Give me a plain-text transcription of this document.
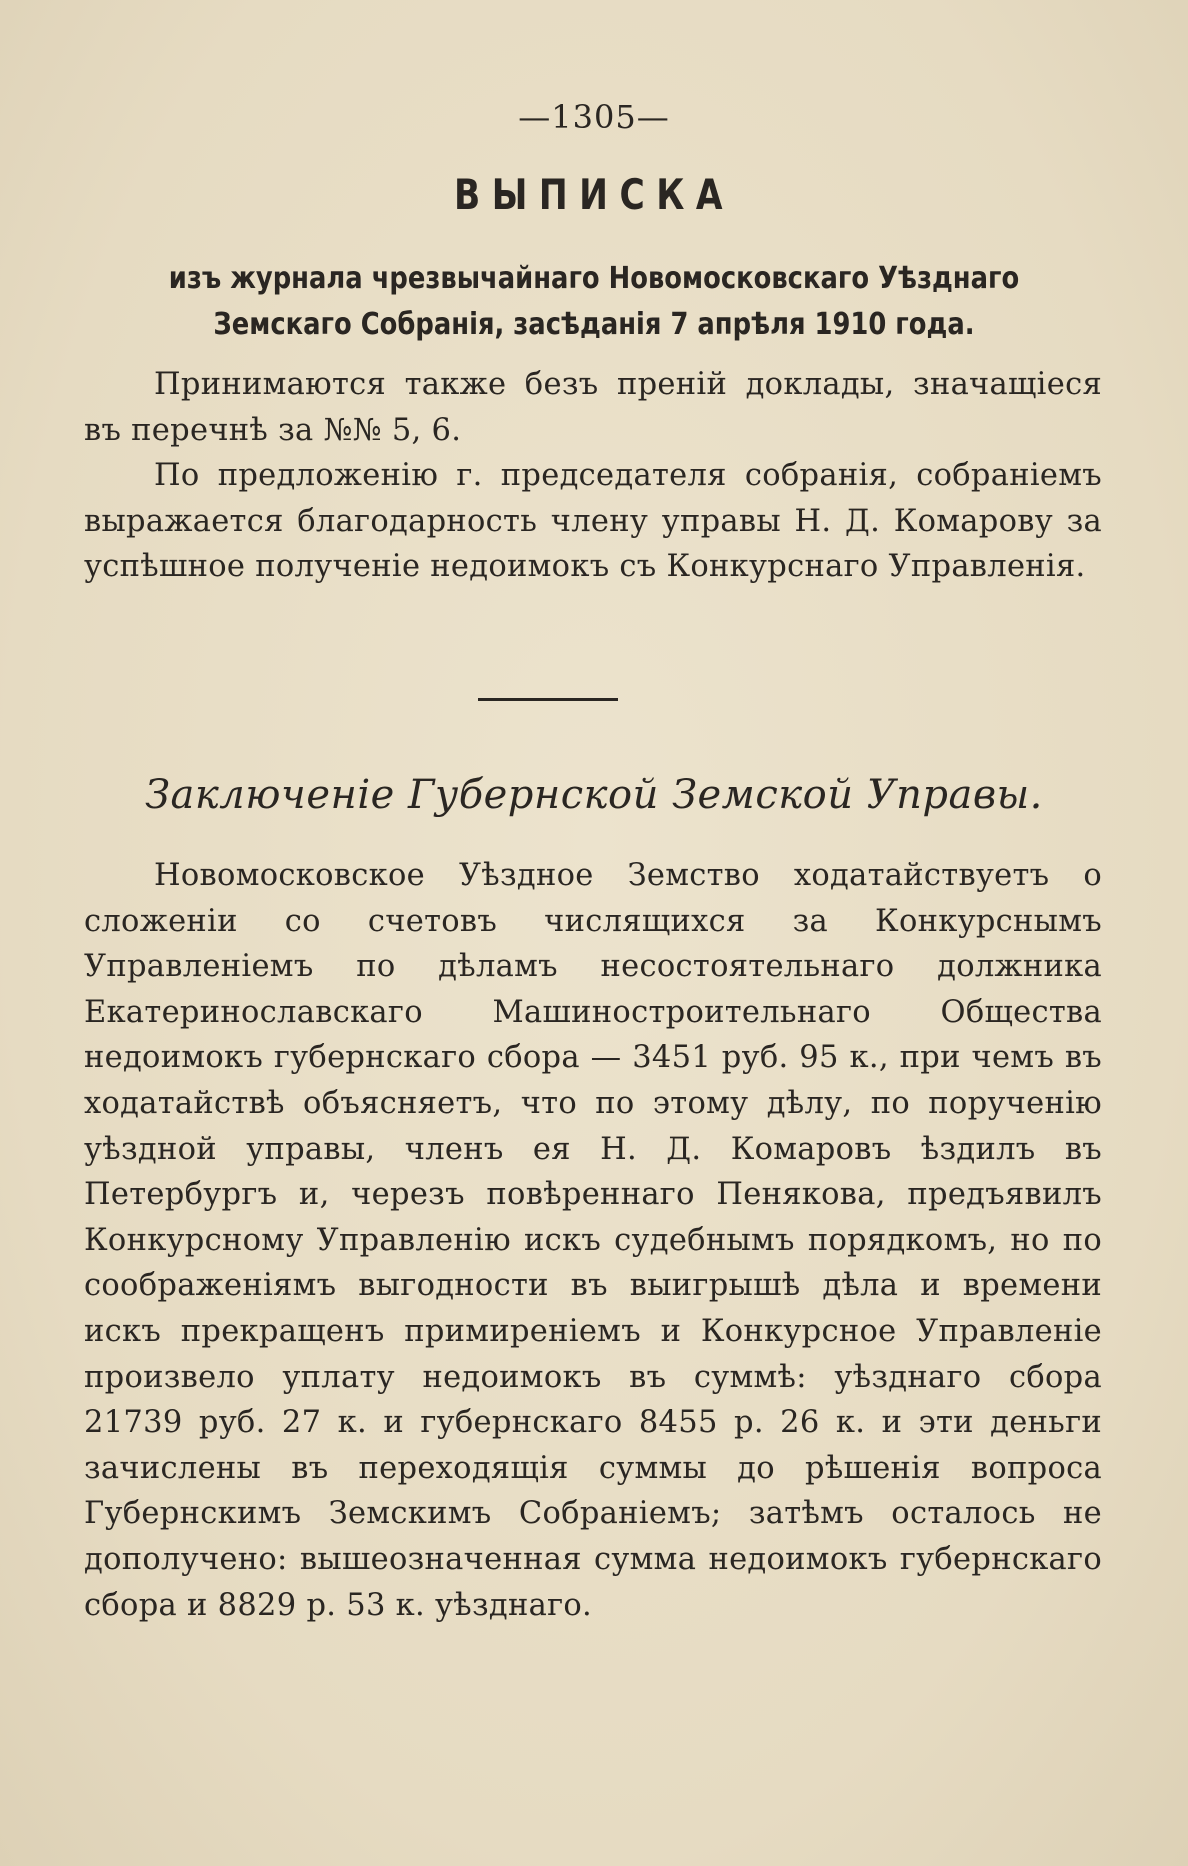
—1305—
ВЫПИСКА
изъ журнала чрезвычайнаго Новомосковскаго Уѣзднаго Земскаго Собранія, засѣданія 7 апрѣля 1910 года.

Принимаются также безъ преній доклады, значащіеся въ перечнѣ за №№ 5, 6.

По предложенію г. председателя собранія, собраніемъ выражается благодарность члену управы Н. Д. Комарову за успѣшное полученіе недоимокъ съ Конкурснаго Управленія.

Заключеніе Губернской Земской Управы.

Новомосковское Уѣздное Земство ходатайствуетъ о сложеніи со счетовъ числящихся за Конкурснымъ Управленіемъ по дѣламъ несостоятельнаго должника Екатеринославскаго Машиностроительнаго Общества недоимокъ губернскаго сбора — 3451 руб. 95 к., при чемъ въ ходатайствѣ объясняетъ, что по этому дѣлу, по порученію уѣздной управы, членъ ея Н. Д. Комаровъ ѣздилъ въ Петербургъ и, черезъ повѣреннаго Пенякова, предъявилъ Конкурсному Управленію искъ судебнымъ порядкомъ, но по соображеніямъ выгодности въ выигрышѣ дѣла и времени искъ прекращенъ примиреніемъ и Конкурсное Управленіе произвело уплату недоимокъ въ суммѣ: уѣзднаго сбора 21739 руб. 27 к. и губернскаго 8455 р. 26 к. и эти деньги зачислены въ переходящія суммы до рѣшенія вопроса Губернскимъ Земскимъ Собраніемъ; затѣмъ осталось не дополучено: вышеозначенная сумма недоимокъ губернскаго сбора и 8829 р. 53 к. уѣзднаго.
